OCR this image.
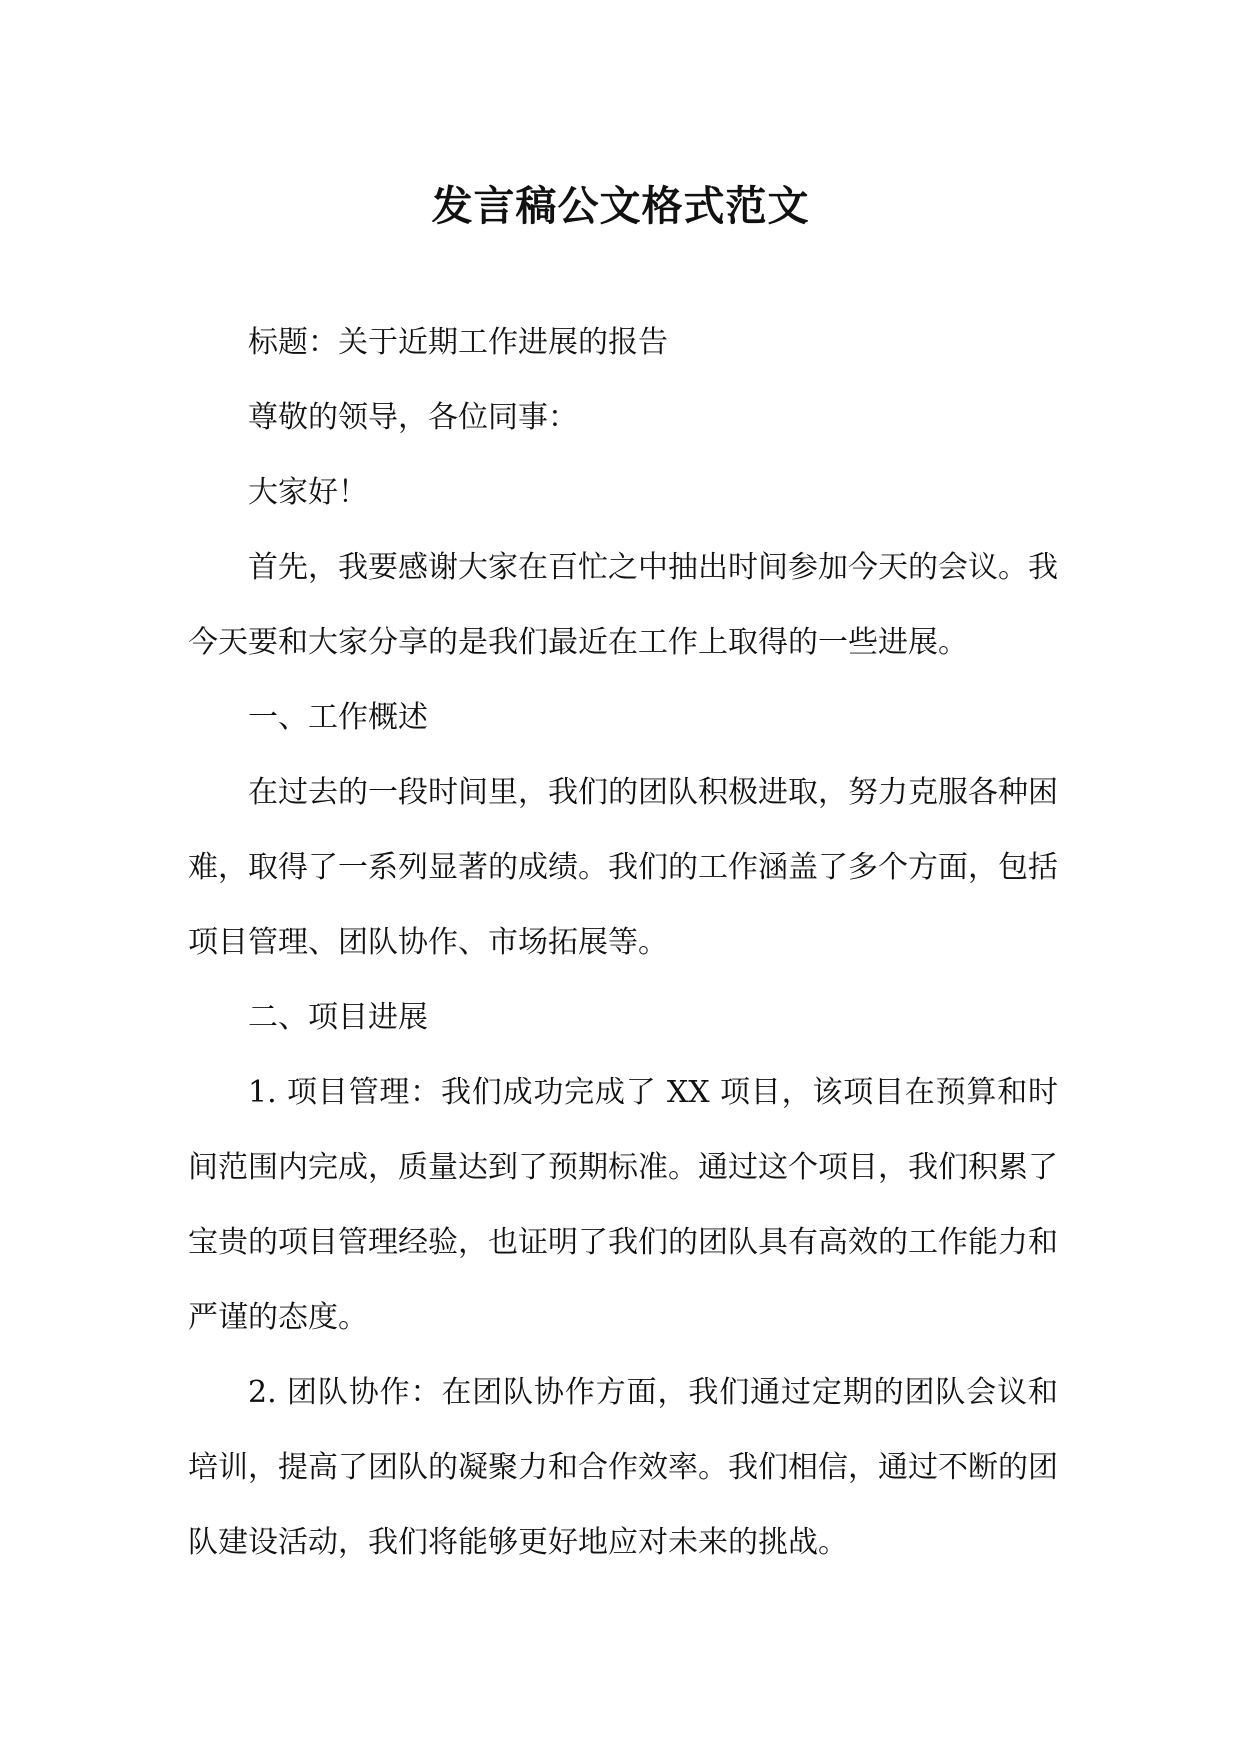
发言稿公文格式范文

标题：关于近期工作进展的报告

尊敬的领导，各位同事：

大家好！

首先，我要感谢大家在百忙之中抽出时间参加今天的会议。我今天要和大家分享的是我们最近在工作上取得的一些进展。

一、工作概述

在过去的一段时间里，我们的团队积极进取，努力克服各种困难，取得了一系列显著的成绩。我们的工作涵盖了多个方面，包括项目管理、团队协作、市场拓展等。

二、项目进展

1. 项目管理：我们成功完成了 XX 项目，该项目在预算和时间范围内完成，质量达到了预期标准。通过这个项目，我们积累了宝贵的项目管理经验，也证明了我们的团队具有高效的工作能力和严谨的态度。

2. 团队协作：在团队协作方面，我们通过定期的团队会议和培训，提高了团队的凝聚力和合作效率。我们相信，通过不断的团队建设活动，我们将能够更好地应对未来的挑战。
